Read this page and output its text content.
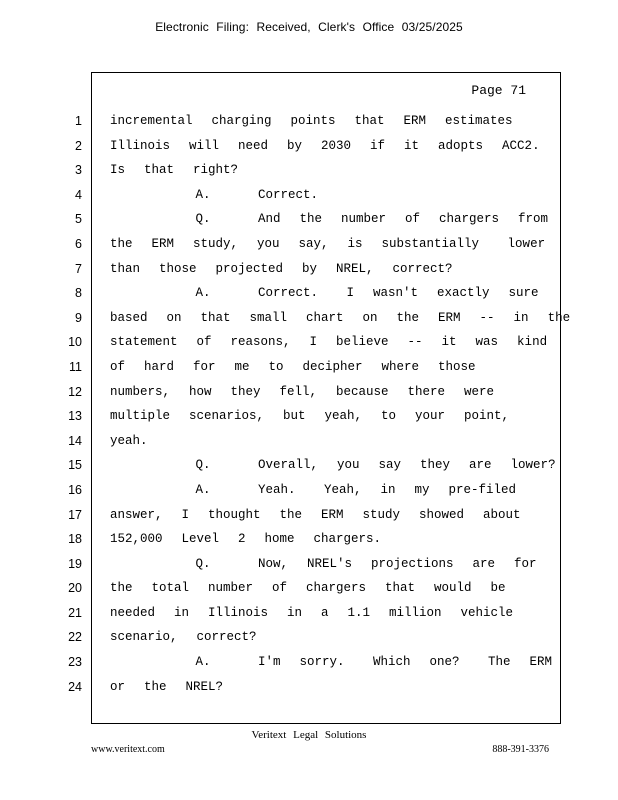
Electronic Filing: Received, Clerk's Office 03/25/2025
Page 71
1 incremental  charging  points  that  ERM  estimates
2 Illinois  will  need  by  2030  if  it  adopts  ACC2.
3 Is  that  right?
4 A.     Correct.
5 Q.     And  the  number  of  chargers  from
6 the  ERM  study,  you  say,  is  substantially   lower
7 than  those  projected  by  NREL,  correct?
8 A.     Correct.   I  wasn't  exactly  sure
9 based  on  that  small  chart  on  the  ERM  --  in  the
10 statement  of  reasons,  I  believe  --  it  was  kind
11 of  hard  for  me  to  decipher  where  those
12 numbers,  how  they  fell,  because  there  were
13 multiple  scenarios,  but  yeah,  to  your  point,
14 yeah.
15 Q.     Overall,  you  say  they  are  lower?
16 A.     Yeah.   Yeah,  in  my  pre-filed
17 answer,  I  thought  the  ERM  study  showed  about
18 152,000  Level  2  home  chargers.
19 Q.     Now,  NREL's  projections  are  for
20 the  total  number  of  chargers  that  would  be
21 needed  in  Illinois  in  a  1.1  million  vehicle
22 scenario,  correct?
23 A.     I'm  sorry.   Which  one?   The  ERM
24 or  the  NREL?
Veritext Legal Solutions
www.veritext.com	888-391-3376
